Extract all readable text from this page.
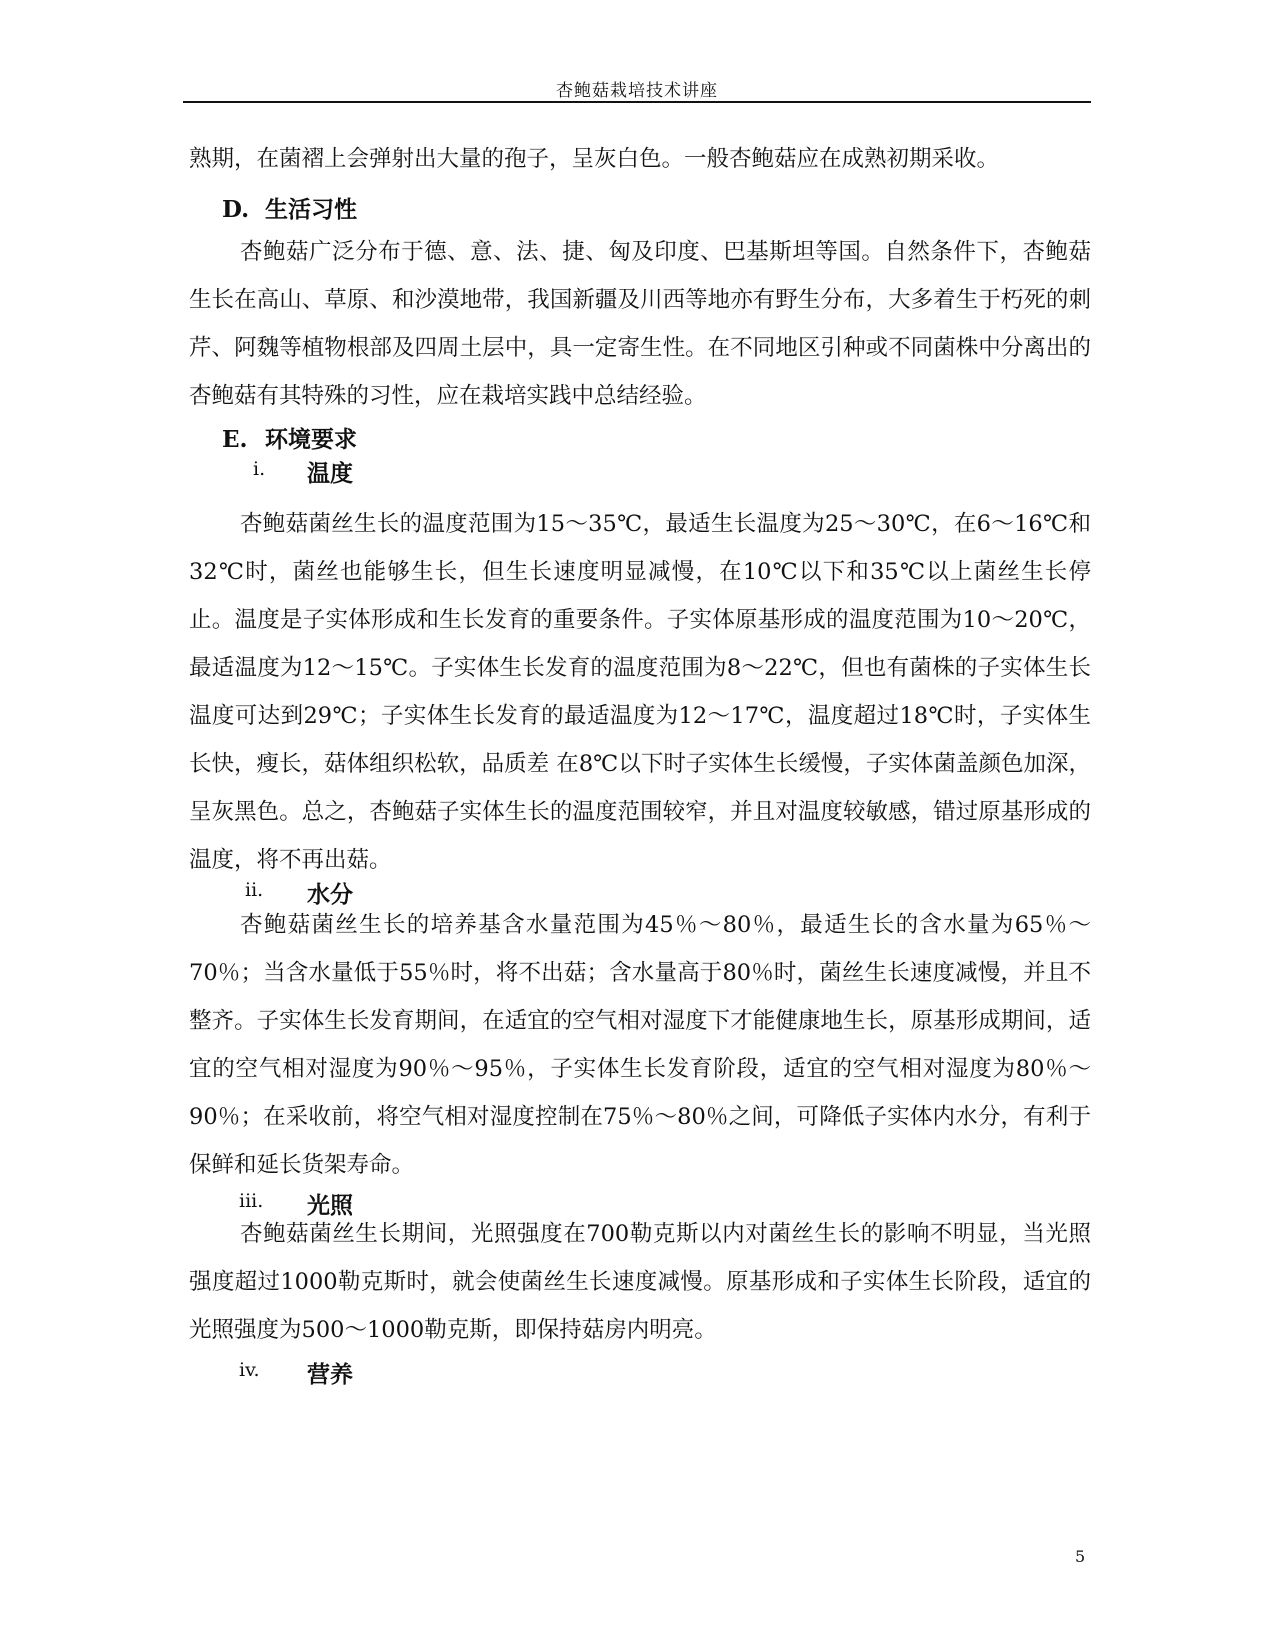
杏鲍菇栽培技术讲座

熟期，在菌褶上会弹射出大量的孢子，呈灰白色。一般杏鲍菇应在成熟初期采收。

D. 生活习性

杏鲍菇广泛分布于德、意、法、捷、匈及印度、巴基斯坦等国。自然条件下，杏鲍菇生长在高山、草原、和沙漠地带，我国新疆及川西等地亦有野生分布，大多着生于朽死的刺芹、阿魏等植物根部及四周土层中，具一定寄生性。在不同地区引种或不同菌株中分离出的杏鲍菇有其特殊的习性，应在栽培实践中总结经验。

E. 环境要求
i. 温度

杏鲍菇菌丝生长的温度范围为15～35℃，最适生长温度为25～30℃，在6～16℃和32℃时，菌丝也能够生长，但生长速度明显减慢，在10℃以下和35℃以上菌丝生长停止。温度是子实体形成和生长发育的重要条件。子实体原基形成的温度范围为10～20℃，最适温度为12～15℃。子实体生长发育的温度范围为8～22℃，但也有菌株的子实体生长温度可达到29℃；子实体生长发育的最适温度为12～17℃，温度超过18℃时，子实体生长快，瘦长，菇体组织松软，品质差 在8℃以下时子实体生长缓慢，子实体菌盖颜色加深，呈灰黑色。总之，杏鲍菇子实体生长的温度范围较窄，并且对温度较敏感，错过原基形成的温度，将不再出菇。

ii. 水分

杏鲍菇菌丝生长的培养基含水量范围为45％～80％，最适生长的含水量为65％～70％；当含水量低于55％时，将不出菇；含水量高于80％时，菌丝生长速度减慢，并且不整齐。子实体生长发育期间，在适宜的空气相对湿度下才能健康地生长，原基形成期间，适宜的空气相对湿度为90％～95％，子实体生长发育阶段，适宜的空气相对湿度为80％～90％；在采收前，将空气相对湿度控制在75％～80％之间，可降低子实体内水分，有利于保鲜和延长货架寿命。

iii. 光照

杏鲍菇菌丝生长期间，光照强度在700勒克斯以内对菌丝生长的影响不明显，当光照强度超过1000勒克斯时，就会使菌丝生长速度减慢。原基形成和子实体生长阶段，适宜的光照强度为500～1000勒克斯，即保持菇房内明亮。

iv. 营养
5
